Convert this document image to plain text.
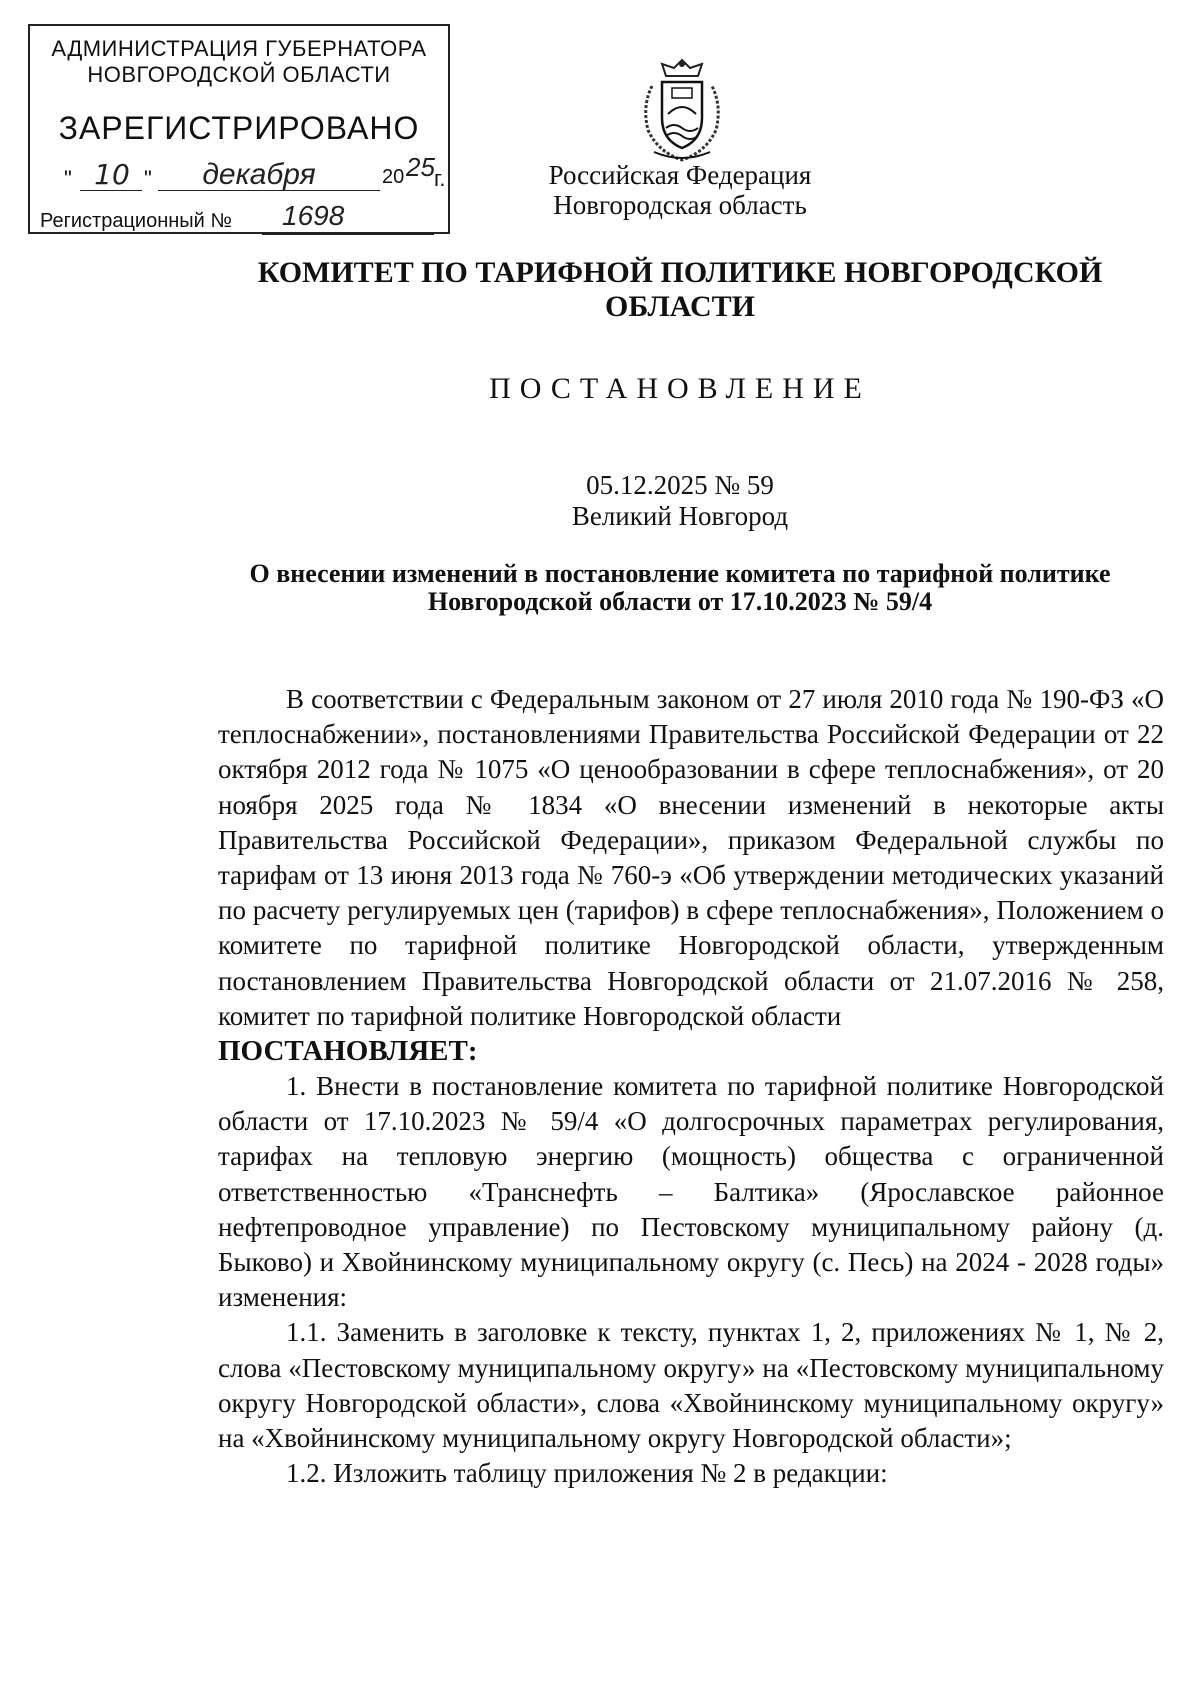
АДМИНИСТРАЦИЯ ГУБЕРНАТОРА
НОВГОРОДСКОЙ ОБЛАСТИ
ЗАРЕГИСТРИРОВАНО
" 10 "	декабря	20 25 г.
Регистрационный № 1698
Российская Федерация
Новгородская область
КОМИТЕТ ПО ТАРИФНОЙ ПОЛИТИКЕ НОВГОРОДСКОЙ ОБЛАСТИ
ПОСТАНОВЛЕНИЕ
05.12.2025 № 59
Великий Новгород
О внесении изменений в постановление комитета по тарифной политике
Новгородской области от 17.10.2023 № 59/4

В соответствии с Федеральным законом от 27 июля 2010 года № 190-ФЗ «О теплоснабжении», постановлениями Правительства Российской Федерации от 22 октября 2012 года № 1075 «О ценообразовании в сфере теплоснабжения», от 20 ноября 2025 года № 1834 «О внесении изменений в некоторые акты Правительства Российской Федерации», приказом Федеральной службы по тарифам от 13 июня 2013 года № 760-э «Об утверждении методических указаний по расчету регулируемых цен (тарифов) в сфере теплоснабжения», Положением о комитете по тарифной политике Новгородской области, утвержденным постановлением Правительства Новгородской области от 21.07.2016 № 258, комитет по тарифной политике Новгородской области

ПОСТАНОВЛЯЕТ:

1. Внести в постановление комитета по тарифной политике Новгородской области от 17.10.2023 № 59/4 «О долгосрочных параметрах регулирования, тарифах на тепловую энергию (мощность) общества с ограниченной ответственностью «Транснефть – Балтика» (Ярославское районное нефтепроводное управление) по Пестовскому муниципальному району (д. Быково) и Хвойнинскому муниципальному округу (с. Песь) на 2024 - 2028 годы» изменения:

1.1. Заменить в заголовке к тексту, пунктах 1, 2, приложениях № 1, № 2, слова «Пестовскому муниципальному округу» на «Пестовскому муниципальному округу Новгородской области», слова «Хвойнинскому муниципальному округу» на «Хвойнинскому муниципальному округу Новгородской области»;

1.2. Изложить таблицу приложения № 2 в редакции:
